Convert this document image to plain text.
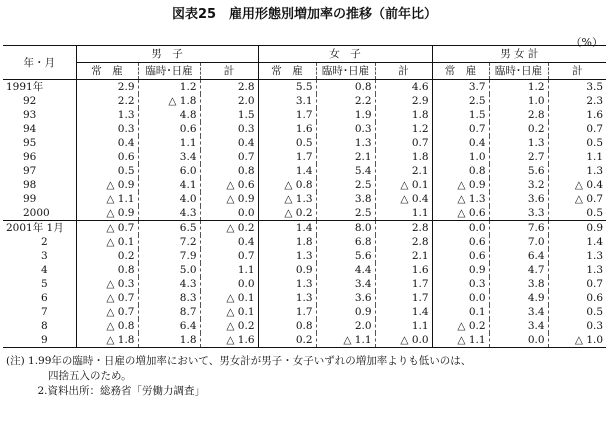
図表25　雇用形態別増加率の推移（前年比）
（%）
年・月	男　子			女　子			男 女 計		
	常　雇	臨時･日雇	計	常　雇	臨時･日雇	計	常　雇	臨時･日雇	計
1991年	2.9	1.2	2.8	5.5	0.8	4.6	3.7	1.2	3.5
92	2.2	△ 1.8	2.0	3.1	2.2	2.9	2.5	1.0	2.3
93	1.3	4.8	1.5	1.7	1.9	1.8	1.5	2.8	1.6
94	0.3	0.6	0.3	1.6	0.3	1.2	0.7	0.2	0.7
95	0.4	1.1	0.4	0.5	1.3	0.7	0.4	1.3	0.5
96	0.6	3.4	0.7	1.7	2.1	1.8	1.0	2.7	1.1
97	0.5	6.0	0.8	1.4	5.4	2.1	0.8	5.6	1.3
98	△ 0.9	4.1	△ 0.6	△ 0.8	2.5	△ 0.1	△ 0.9	3.2	△ 0.4
99	△ 1.1	4.0	△ 0.9	△ 1.3	3.8	△ 0.4	△ 1.3	3.6	△ 0.7
2000	△ 0.9	4.3	0.0	△ 0.2	2.5	1.1	△ 0.6	3.3	0.5
2001年 1月	△ 0.7	6.5	△ 0.2	1.4	8.0	2.8	0.0	7.6	0.9
2	△ 0.1	7.2	0.4	1.8	6.8	2.8	0.6	7.0	1.4
3	0.2	7.9	0.7	1.3	5.6	2.1	0.6	6.4	1.3
4	0.8	5.0	1.1	0.9	4.4	1.6	0.9	4.7	1.3
5	△ 0.3	4.3	0.0	1.3	3.4	1.7	0.3	3.8	0.7
6	△ 0.7	8.3	△ 0.1	1.3	3.6	1.7	0.0	4.9	0.6
7	△ 0.7	8.7	△ 0.1	1.7	0.9	1.4	0.1	3.4	0.5
8	△ 0.8	6.4	△ 0.2	0.8	2.0	1.1	△ 0.2	3.4	0.3
9	△ 1.8	1.8	△ 1.6	0.2	△ 1.1	△ 0.0	△ 1.1	0.0	△ 1.0
(注) 1.99年の臨時・日雇の増加率において、男女計が男子・女子いずれの増加率よりも低いのは、
　　　　四捨五入のため。
　　　2.資料出所：総務省「労働力調査」
